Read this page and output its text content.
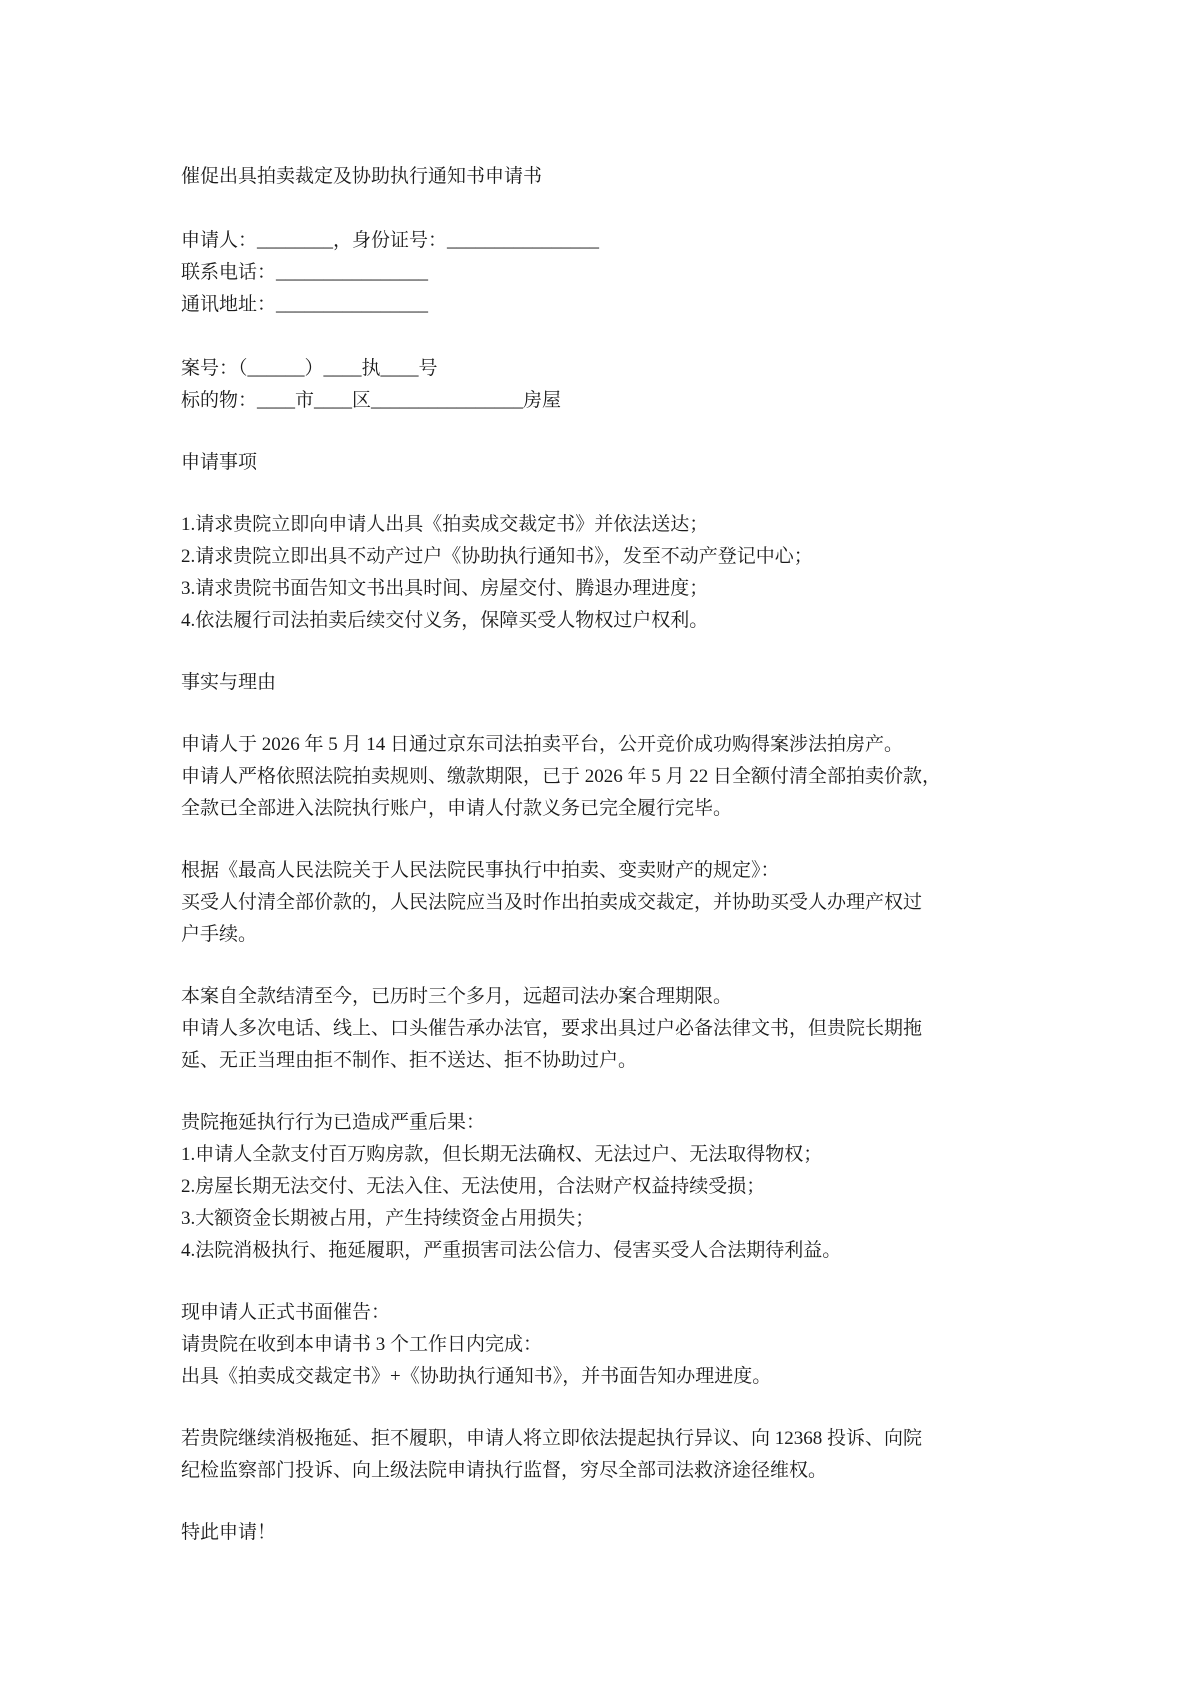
催促出具拍卖裁定及协助执行通知书申请书
申请人：________，身份证号：________________
联系电话：________________
通讯地址：________________
案号：（______）____执____号
标的物：____市____区________________房屋
申请事项
1.请求贵院立即向申请人出具《拍卖成交裁定书》并依法送达；
2.请求贵院立即出具不动产过户《协助执行通知书》，发至不动产登记中心；
3.请求贵院书面告知文书出具时间、房屋交付、腾退办理进度；
4.依法履行司法拍卖后续交付义务，保障买受人物权过户权利。
事实与理由
申请人于 2026 年 5 月 14 日通过京东司法拍卖平台，公开竞价成功购得案涉法拍房产。
申请人严格依照法院拍卖规则、缴款期限，已于 2026 年 5 月 22 日全额付清全部拍卖价款，
全款已全部进入法院执行账户，申请人付款义务已完全履行完毕。
根据《最高人民法院关于人民法院民事执行中拍卖、变卖财产的规定》：
买受人付清全部价款的，人民法院应当及时作出拍卖成交裁定，并协助买受人办理产权过
户手续。
本案自全款结清至今，已历时三个多月，远超司法办案合理期限。
申请人多次电话、线上、口头催告承办法官，要求出具过户必备法律文书，但贵院长期拖
延、无正当理由拒不制作、拒不送达、拒不协助过户。
贵院拖延执行行为已造成严重后果：
1.申请人全款支付百万购房款，但长期无法确权、无法过户、无法取得物权；
2.房屋长期无法交付、无法入住、无法使用，合法财产权益持续受损；
3.大额资金长期被占用，产生持续资金占用损失；
4.法院消极执行、拖延履职，严重损害司法公信力、侵害买受人合法期待利益。
现申请人正式书面催告：
请贵院在收到本申请书 3 个工作日内完成：
出具《拍卖成交裁定书》+《协助执行通知书》，并书面告知办理进度。
若贵院继续消极拖延、拒不履职，申请人将立即依法提起执行异议、向 12368 投诉、向院
纪检监察部门投诉、向上级法院申请执行监督，穷尽全部司法救济途径维权。
特此申请！
